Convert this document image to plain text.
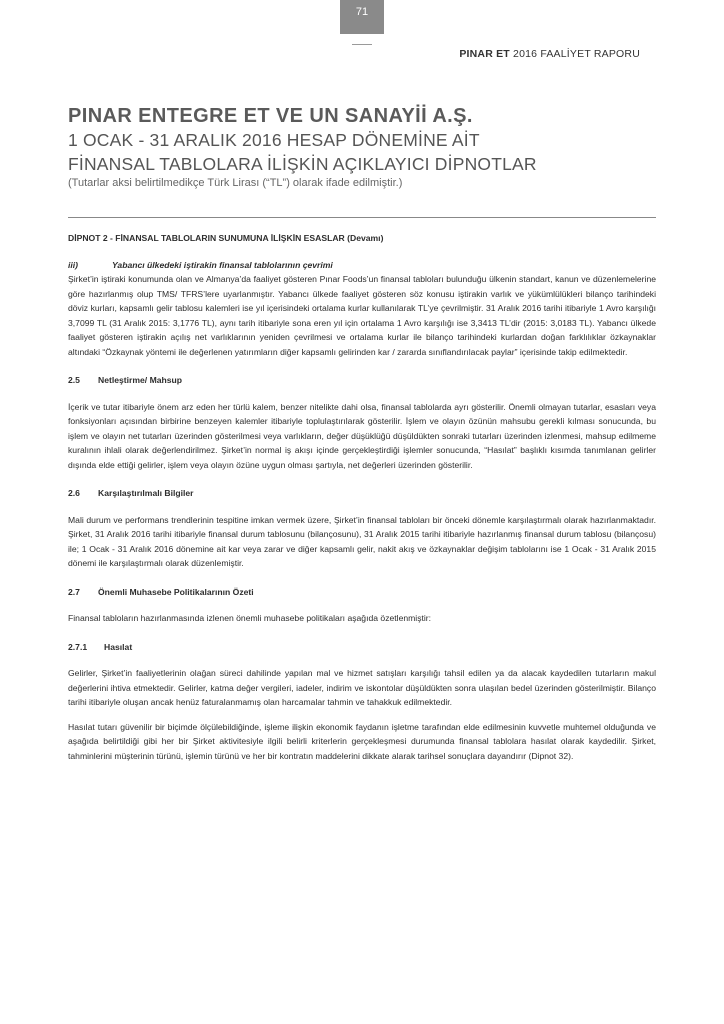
71
PINAR ET 2016 FAALİYET RAPORU
PINAR ENTEGRE ET VE UN SANAYİİ A.Ş.
1 OCAK - 31 ARALIK 2016 HESAP DÖNEMİNE AİT
FİNANSAL TABLOLARA İLİŞKİN AÇIKLAYICI DİPNOTLAR
(Tutarlar aksi belirtilmedikçe Türk Lirası (“TL”) olarak ifade edilmiştir.)
DİPNOT 2 - FİNANSAL TABLOLARIN SUNUMUNA İLİŞKİN ESASLAR (Devamı)
iii)	Yabancı ülkedeki iştirakin finansal tablolarının çevrimi

Şirket’in iştiraki konumunda olan ve Almanya’da faaliyet gösteren Pınar Foods’un finansal tabloları bulunduğu ülkenin standart, kanun ve düzenlemelerine göre hazırlanmış olup TMS/ TFRS’lere uyarlanmıştır. Yabancı ülkede faaliyet gösteren söz konusu iştirakin varlık ve yükümlülükleri bilanço tarihindeki döviz kurları, kapsamlı gelir tablosu kalemleri ise yıl içerisindeki ortalama kurlar kullanılarak TL’ye çevrilmiştir. 31 Aralık 2016 tarihi itibariyle 1 Avro karşılığı 3,7099 TL (31 Aralık 2015: 3,1776 TL), aynı tarih itibariyle sona eren yıl için ortalama 1 Avro karşılığı ise 3,3413 TL’dir (2015: 3,0183 TL). Yabancı ülkede faaliyet gösteren iştirakin açılış net varlıklarının yeniden çevrilmesi ve ortalama kurlar ile bilanço tarihindeki kurlardan doğan farklılıklar özkaynaklar altındaki “Özkaynak yöntemi ile değerlenen yatırımların diğer kapsamlı gelirinden kar / zararda sınıflandırılacak paylar” içerisinde takip edilmektedir.

2.5	Netleştirme/ Mahsup

İçerik ve tutar itibariyle önem arz eden her türlü kalem, benzer nitelikte dahi olsa, finansal tablolarda ayrı gösterilir. Önemli olmayan tutarlar, esasları veya fonksiyonları açısından birbirine benzeyen kalemler itibariyle toplulaştırılarak gösterilir. İşlem ve olayın özünün mahsubu gerekli kılması sonucunda, bu işlem ve olayın net tutarları üzerinden gösterilmesi veya varlıkların, değer düşüklüğü düşüldükten sonraki tutarları üzerinden izlenmesi, mahsup edilmeme kuralının ihlali olarak değerlendirilmez. Şirket’in normal iş akışı içinde gerçekleştirdiği işlemler sonucunda, “Hasılat” başlıklı kısımda tanımlanan gelirler dışında elde ettiği gelirler, işlem veya olayın özüne uygun olması şartıyla, net değerleri üzerinden gösterilir.

2.6	Karşılaştırılmalı Bilgiler

Mali durum ve performans trendlerinin tespitine imkan vermek üzere, Şirket’in finansal tabloları bir önceki dönemle karşılaştırmalı olarak hazırlanmaktadır. Şirket, 31 Aralık 2016 tarihi itibariyle finansal durum tablosunu (bilançosunu), 31 Aralık 2015 tarihi itibariyle hazırlanmış finansal durum tablosu (bilançosu) ile; 1 Ocak - 31 Aralık 2016 dönemine ait kar veya zarar ve diğer kapsamlı gelir, nakit akış ve özkaynaklar değişim tablolarını ise 1 Ocak - 31 Aralık 2015 dönemi ile karşılaştırmalı olarak düzenlemiştir.

2.7	Önemli Muhasebe Politikalarının Özeti

Finansal tabloların hazırlanmasında izlenen önemli muhasebe politikaları aşağıda özetlenmiştir:

2.7.1	Hasılat

Gelirler, Şirket’in faaliyetlerinin olağan süreci dahilinde yapılan mal ve hizmet satışları karşılığı tahsil edilen ya da alacak kaydedilen tutarların makul değerlerini ihtiva etmektedir. Gelirler, katma değer vergileri, iadeler, indirim ve iskontolar düşüldükten sonra ulaşılan bedel üzerinden gösterilmiştir. Bilanço tarihi itibariyle oluşan ancak henüz faturalanmamış olan harcamalar tahmin ve tahakkuk edilmektedir.

Hasılat tutarı güvenilir bir biçimde ölçülebildiğinde, işleme ilişkin ekonomik faydanın işletme tarafından elde edilmesinin kuvvetle muhtemel olduğunda ve aşağıda belirtildiği gibi her bir Şirket aktivitesiyle ilgili belirli kriterlerin gerçekleşmesi durumunda finansal tablolara hasılat olarak kaydedilir. Şirket, tahminlerini müşterinin türünü, işlemin türünü ve her bir kontratın maddelerini dikkate alarak tarihsel sonuçlara dayandırır (Dipnot 32).
